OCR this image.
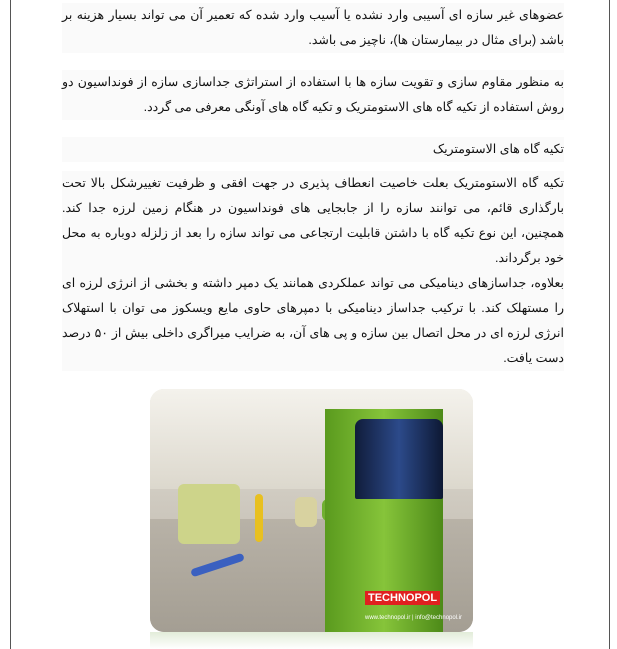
عضوهای غیر سازه ای آسیبی وارد نشده یا آسیب وارد شده که تعمیر آن می تواند بسیار هزینه بر باشد (برای مثال در بیمارستان ها)، ناچیز می باشد.

به منظور مقاوم سازی و تقویت سازه ها با استفاده از استراتژی جداسازی سازه از فونداسیون دو روش استفاده از تکیه گاه های الاستومتریک و تکیه گاه های آونگی معرفی می گردد.

تکیه گاه های الاستومتریک

تکیه گاه الاستومتریک بعلت خاصیت انعطاف پذیری در جهت افقی و ظرفیت تغییرشکل بالا تحت بارگذاری قائم، می توانند سازه را از جابجایی های فونداسیون در هنگام زمین لرزه جدا کند. همچنین، این نوع تکیه گاه با داشتن قابلیت ارتجاعی می تواند سازه را بعد از زلزله دوباره به محل خود برگرداند.

بعلاوه، جداسازهای دینامیکی می تواند عملکردی همانند یک دمپر داشته و بخشی از انرژی لرزه ای را مستهلک کند. با ترکیب جداساز دینامیکی با دمپرهای حاوی مایع ویسکوز می توان با استهلاک انرژی لرزه ای در محل اتصال بین سازه و پی های آن، به ضرایب میراگری داخلی بیش از ۵۰ درصد دست یافت.

TECHNOPOL
www.technopol.ir | info@technopol.ir
